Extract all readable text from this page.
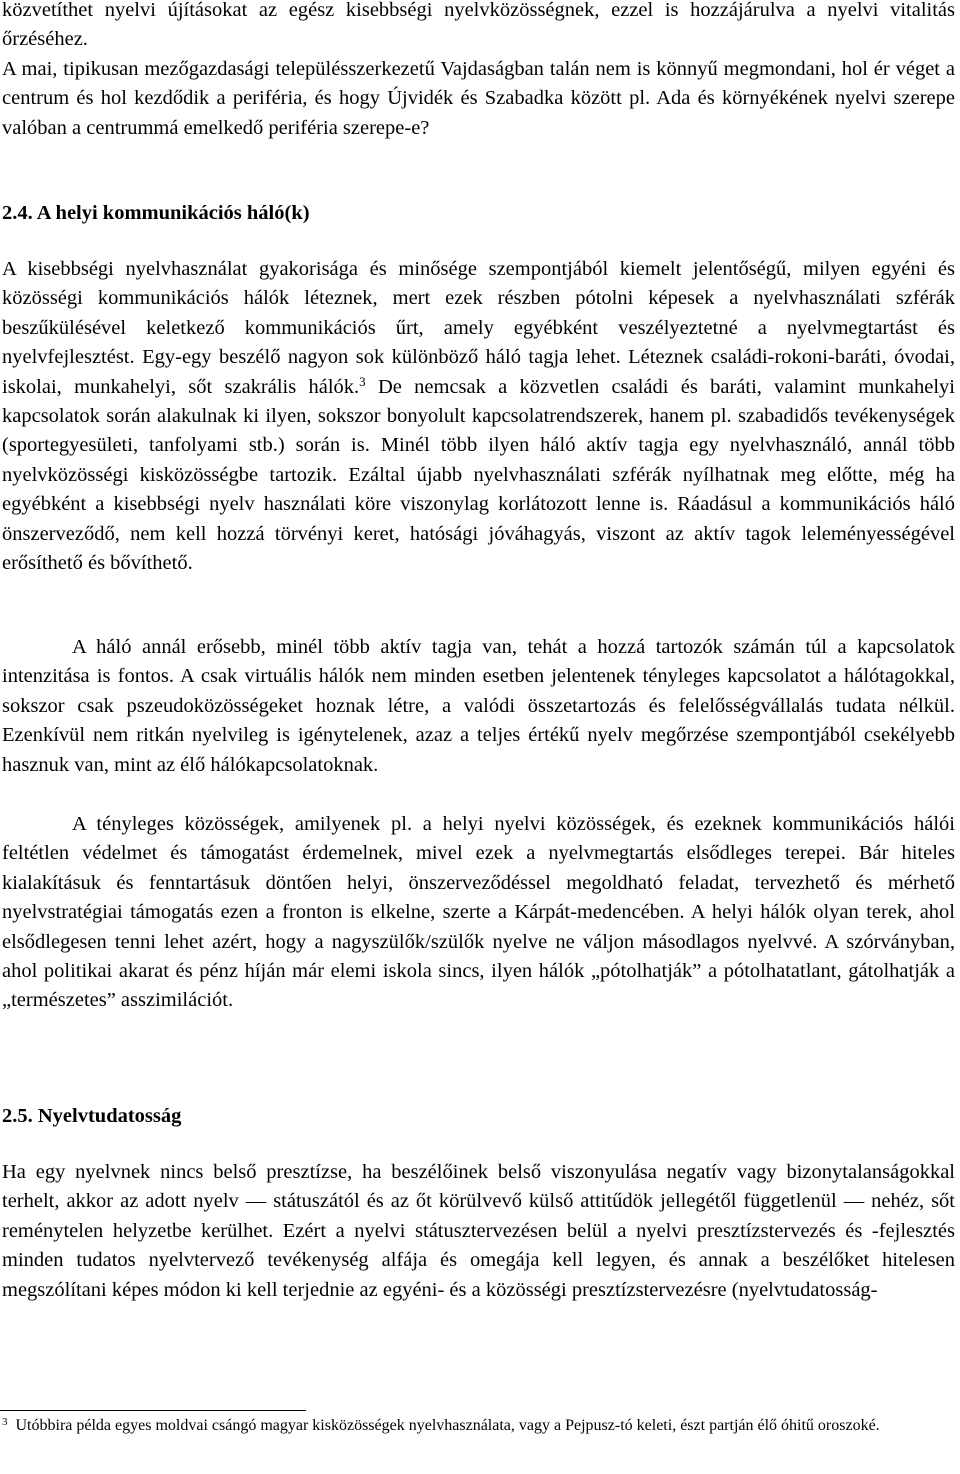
közvetíthet nyelvi újításokat az egész kisebbségi nyelvközösségnek, ezzel is hozzájárulva a nyelvi vitalitás őrzéséhez.
A mai, tipikusan mezőgazdasági településszerkezetű Vajdaságban talán nem is könnyű megmondani, hol ér véget a centrum és hol kezdődik a periféria, és hogy Újvidék és Szabadka között pl. Ada és környékének nyelvi szerepe valóban a centrummá emelkedő periféria szerepe-e?

2.4. A helyi kommunikációs háló(k)

A kisebbségi nyelvhasználat gyakorisága és minősége szempontjából kiemelt jelentőségű, milyen egyéni és közösségi kommunikációs hálók léteznek, mert ezek részben pótolni képesek a nyelvhasználati szférák beszűkülésével keletkező kommunikációs űrt, amely egyébként veszélyeztetné a nyelvmegtartást és nyelvfejlesztést. Egy-egy beszélő nagyon sok különböző háló tagja lehet. Léteznek családi-rokoni-baráti, óvodai, iskolai, munkahelyi, sőt szakrális hálók.$^3$ De nemcsak a közvetlen családi és baráti, valamint munkahelyi kapcsolatok során alakulnak ki ilyen, sokszor bonyolult kapcsolatrendszerek, hanem pl. szabadidős tevékenységek (sportegyesületi, tanfolyami stb.) során is. Minél több ilyen háló aktív tagja egy nyelvhasználó, annál több nyelvközösségi kisközösségbe tartozik. Ezáltal újabb nyelvhasználati szférák nyílhatnak meg előtte, még ha egyébként a kisebbségi nyelv használati köre viszonylag korlátozott lenne is. Ráadásul a kommunikációs háló önszerveződő, nem kell hozzá törvényi keret, hatósági jóváhagyás, viszont az aktív tagok leleményességével erősíthető és bővíthető.

A háló annál erősebb, minél több aktív tagja van, tehát a hozzá tartozók számán túl a kapcsolatok intenzitása is fontos. A csak virtuális hálók nem minden esetben jelentenek tényleges kapcsolatot a hálótagokkal, sokszor csak pszeudoközösségeket hoznak létre, a valódi összetartozás és felelősségvállalás tudata nélkül. Ezenkívül nem ritkán nyelvileg is igénytelenek, azaz a teljes értékű nyelv megőrzése szempontjából csekélyebb hasznuk van, mint az élő hálókapcsolatoknak.

A tényleges közösségek, amilyenek pl. a helyi nyelvi közösségek, és ezeknek kommunikációs hálói feltétlen védelmet és támogatást érdemelnek, mivel ezek a nyelvmegtartás elsődleges terepei. Bár hiteles kialakításuk és fenntartásuk döntően helyi, önszerveződéssel megoldható feladat, tervezhető és mérhető nyelvstratégiai támogatás ezen a fronton is elkelne, szerte a Kárpát-medencében. A helyi hálók olyan terek, ahol elsődlegesen tenni lehet azért, hogy a nagyszülők/szülők nyelve ne váljon másodlagos nyelvvé. A szórványban, ahol politikai akarat és pénz híján már elemi iskola sincs, ilyen hálók „pótolhatják” a pótolhatatlant, gátolhatják a „természetes” asszimilációt.

2.5. Nyelvtudatosság

Ha egy nyelvnek nincs belső presztízse, ha beszélőinek belső viszonyulása negatív vagy bizonytalanságokkal terhelt, akkor az adott nyelv — státuszától és az őt körülvevő külső attitűdök jellegétől függetlenül — nehéz, sőt reménytelen helyzetbe kerülhet. Ezért a nyelvi státusztervezésen belül a nyelvi presztízstervezés és -fejlesztés minden tudatos nyelvtervező tevékenység alfája és omegája kell legyen, és annak a beszélőket hitelesen megszólítani képes módon ki kell terjednie az egyéni- és a közösségi presztízstervezésre (nyelvtudatosság-

$^3$ Utóbbira példa egyes moldvai csángó magyar kisközösségek nyelvhasználata, vagy a Pejpusz-tó keleti, észt partján élő óhitű oroszoké.
